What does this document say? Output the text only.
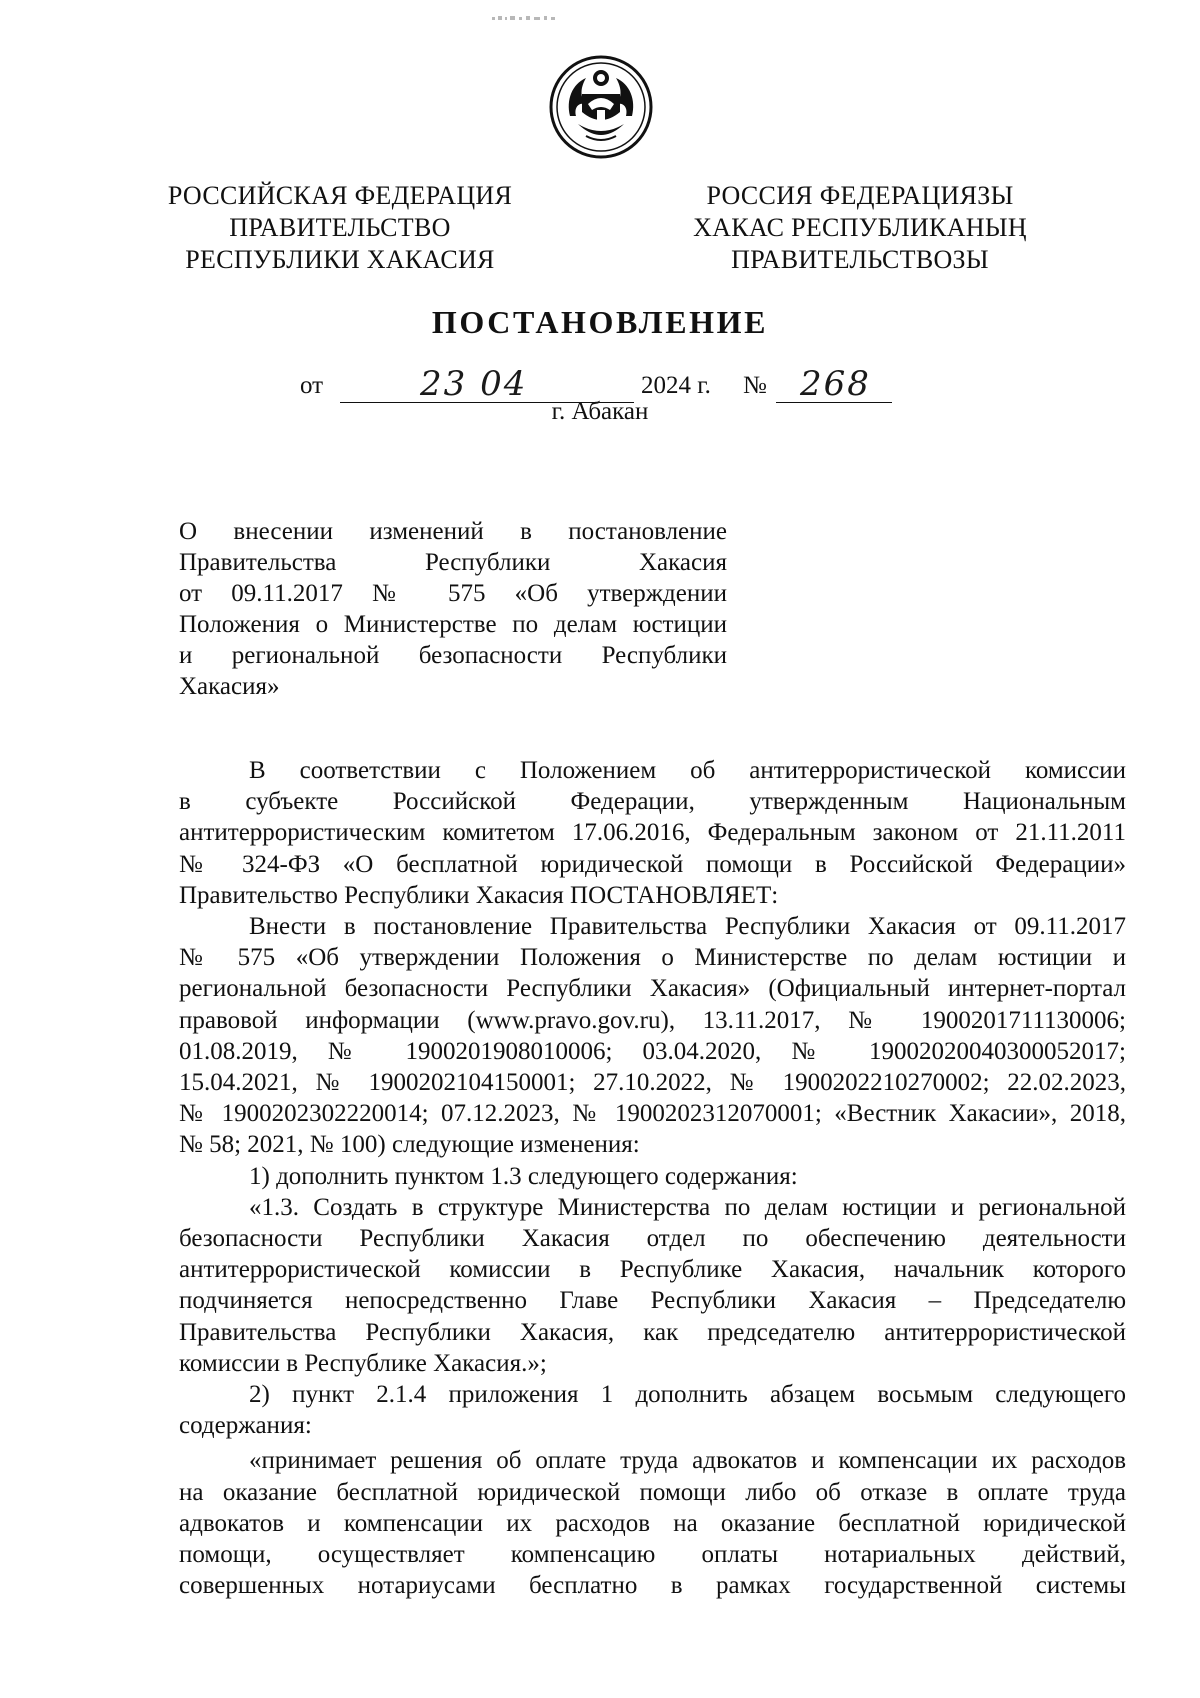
РОССИЙСКАЯ ФЕДЕРАЦИЯ
ПРАВИТЕЛЬСТВО
РЕСПУБЛИКИ ХАКАСИЯ
РОССИЯ ФЕДЕРАЦИЯЗЫ
ХАКАС РЕСПУБЛИКАНЫҢ
ПРАВИТЕЛЬСТВОЗЫ
ПОСТАНОВЛЕНИЕ
от	23 04	2024 г. № 268
г. Абакан
О внесении изменений в постановление
Правительства Республики Хакасия
от 09.11.2017 № 575 «Об утверждении
Положения о Министерстве по делам юстиции
и региональной безопасности Республики
Хакасия»
В соответствии с Положением об антитеррористической комиссии
в субъекте Российской Федерации, утвержденным Национальным
антитеррористическим комитетом 17.06.2016, Федеральным законом от 21.11.2011
№ 324-ФЗ «О бесплатной юридической помощи в Российской Федерации»
Правительство Республики Хакасия ПОСТАНОВЛЯЕТ:
Внести в постановление Правительства Республики Хакасия от 09.11.2017
№ 575 «Об утверждении Положения о Министерстве по делам юстиции и
региональной безопасности Республики Хакасия» (Официальный интернет-портал
правовой информации (www.pravo.gov.ru), 13.11.2017, № 1900201711130006;
01.08.2019, № 1900201908010006; 03.04.2020, № 19002020040300052017;
15.04.2021, № 1900202104150001; 27.10.2022, № 1900202210270002; 22.02.2023,
№ 1900202302220014; 07.12.2023, № 1900202312070001; «Вестник Хакасии», 2018,
№ 58; 2021, № 100) следующие изменения:
1) дополнить пунктом 1.3 следующего содержания:
«1.3. Создать в структуре Министерства по делам юстиции и региональной
безопасности Республики Хакасия отдел по обеспечению деятельности
антитеррористической комиссии в Республике Хакасия, начальник которого
подчиняется непосредственно Главе Республики Хакасия – Председателю
Правительства Республики Хакасия, как председателю антитеррористической
комиссии в Республике Хакасия.»;
2) пункт 2.1.4 приложения 1 дополнить абзацем восьмым следующего
содержания:
«принимает решения об оплате труда адвокатов и компенсации их расходов
на оказание бесплатной юридической помощи либо об отказе в оплате труда
адвокатов и компенсации их расходов на оказание бесплатной юридической
помощи, осуществляет компенсацию оплаты нотариальных действий,
совершенных нотариусами бесплатно в рамках государственной системы
